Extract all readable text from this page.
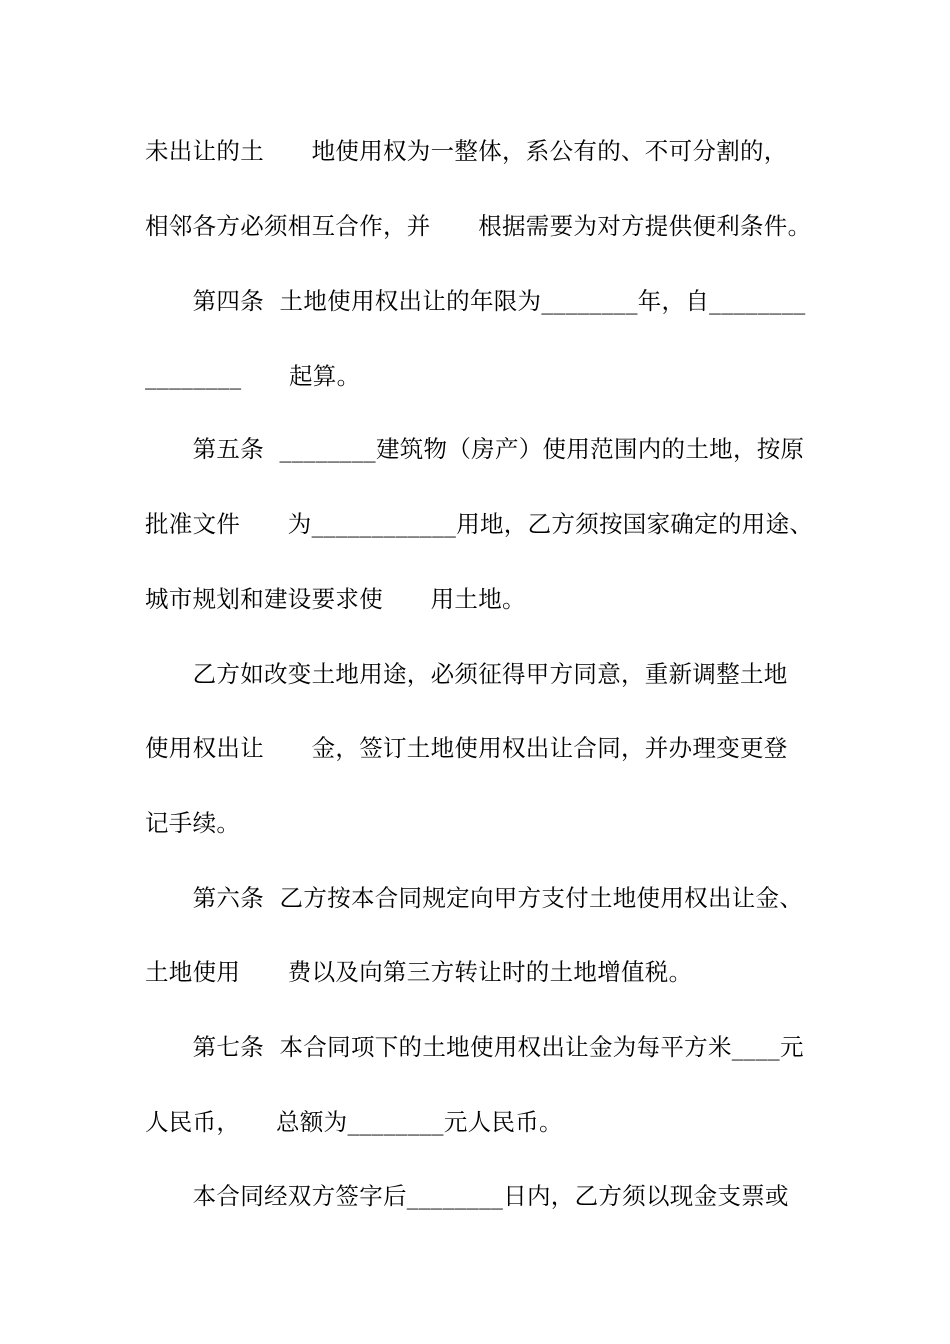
未出让的土　　地使用权为一整体，系公有的、不可分割的，
相邻各方必须相互合作，并　　根据需要为对方提供便利条件。
　　第四条  土地使用权出让的年限为________年，自________
________　　起算。
　　第五条  ________建筑物（房产）使用范围内的土地，按原
批准文件　　为____________用地，乙方须按国家确定的用途、
城市规划和建设要求使　　用土地。
　　乙方如改变土地用途，必须征得甲方同意，重新调整土地
使用权出让　　金，签订土地使用权出让合同，并办理变更登
记手续。
　　第六条  乙方按本合同规定向甲方支付土地使用权出让金、
土地使用　　费以及向第三方转让时的土地增值税。
　　第七条  本合同项下的土地使用权出让金为每平方米____元
人民币，　　总额为________元人民币。
　　本合同经双方签字后________日内，乙方须以现金支票或
